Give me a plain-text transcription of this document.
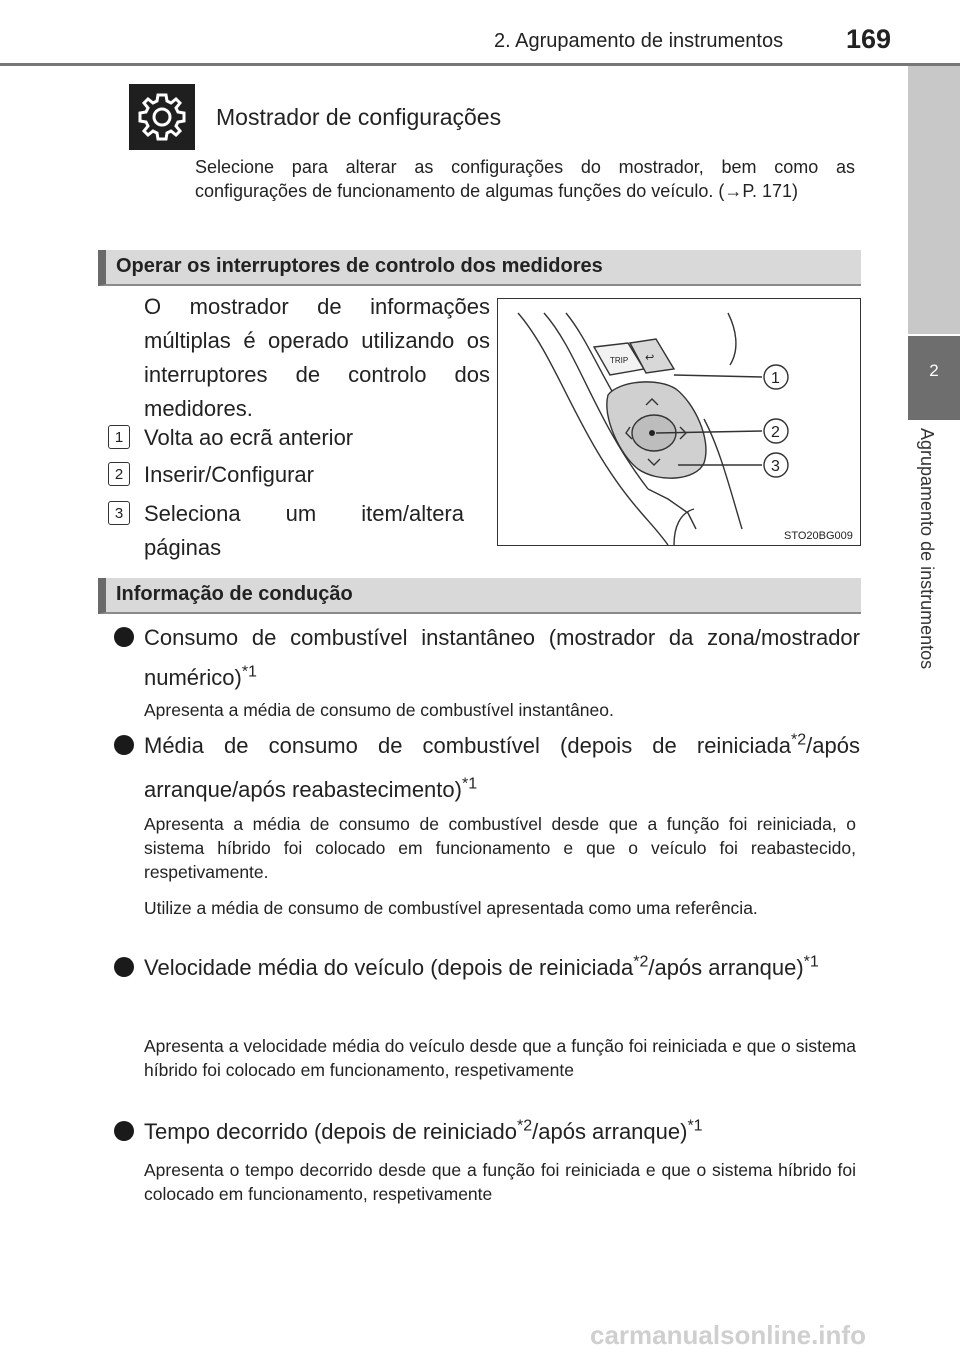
2. Agrupamento de instrumentos 169
2
Agrupamento de instrumentos
Mostrador de configurações
Selecione para alterar as configurações do mostrador, bem como as configurações de funcionamento de algumas funções do veículo. (→P. 171)
Operar os interruptores de controlo dos medidores
O mostrador de informações múltiplas é operado utilizando os interruptores de controlo dos medidores.
1 Volta ao ecrã anterior
2 Inserir/Configurar
3 Seleciona um item/altera páginas
TRIP ↩
1
2
3
STO20BG009
Informação de condução
Consumo de combustível instantâneo (mostrador da zona/mostrador numérico)$^{*1}$
Apresenta a média de consumo de combustível instantâneo.
Média de consumo de combustível (depois de reiniciada$^{*2}$/após arranque/após reabastecimento)$^{*1}$
Apresenta a média de consumo de combustível desde que a função foi reiniciada, o sistema híbrido foi colocado em funcionamento e que o veículo foi reabastecido, respetivamente.
Utilize a média de consumo de combustível apresentada como uma referência.
Velocidade média do veículo (depois de reiniciada$^{*2}$/após arranque)$^{*1}$
Apresenta a velocidade média do veículo desde que a função foi reiniciada e que o sistema híbrido foi colocado em funcionamento, respetivamente
Tempo decorrido (depois de reiniciado$^{*2}$/após arranque)$^{*1}$
Apresenta o tempo decorrido desde que a função foi reiniciada e que o sistema híbrido foi colocado em funcionamento, respetivamente
carmanualsonline.info
